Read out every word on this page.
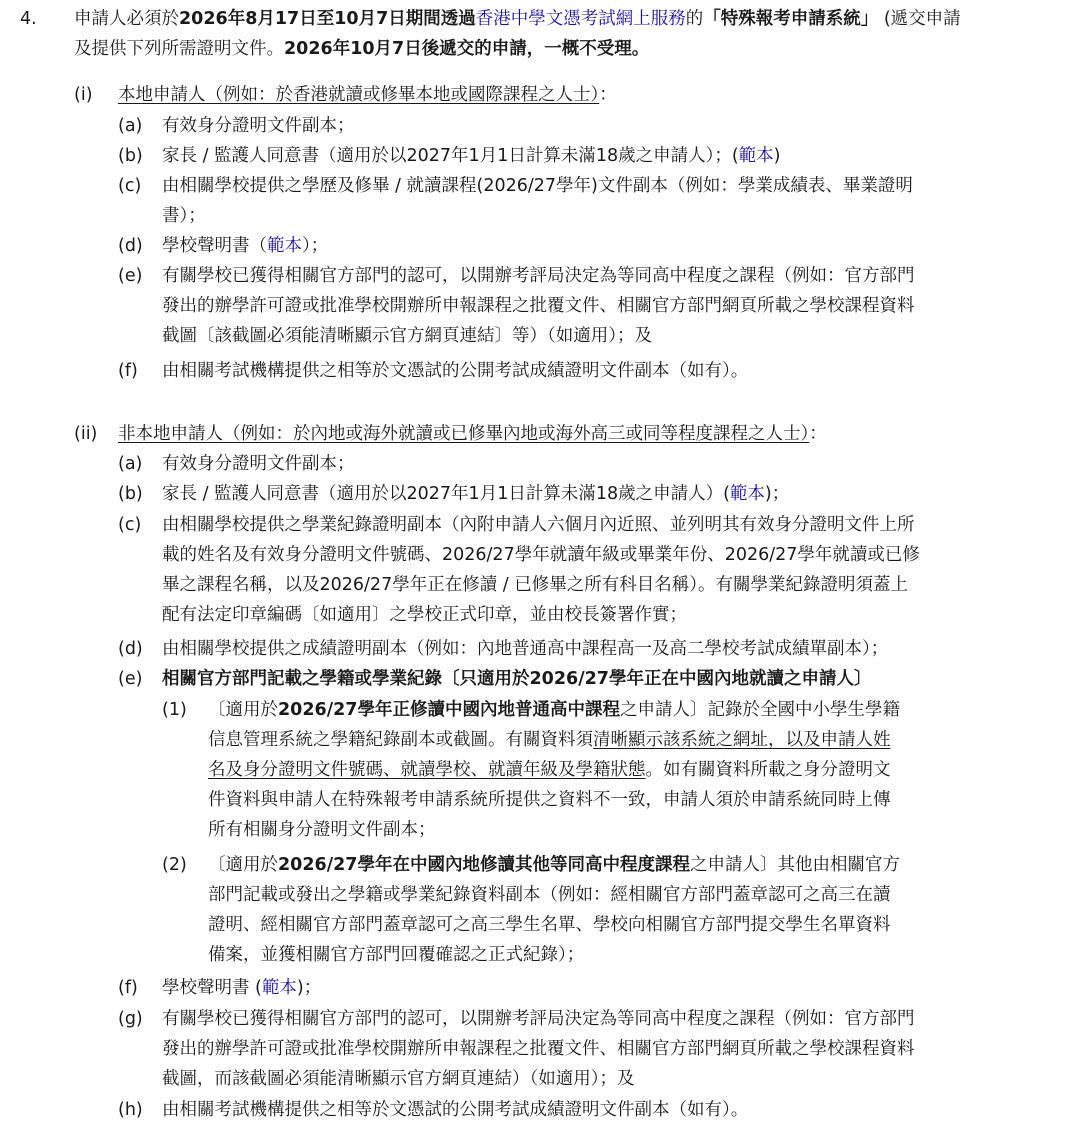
4. 申請人必須於2026年8月17日至10月7日期間透過香港中學文憑考試網上服務的「特殊報考申請系統」 (遞交申請
及提供下列所需證明文件。2026年10月7日後遞交的申請，一概不受理。
(i) 本地申請人（例如：於香港就讀或修畢本地或國際課程之人士）：
(a) 有效身分證明文件副本；
(b) 家長 / 監護人同意書（適用於以2027年1月1日計算未滿18歲之申請人）；(範本)
(c) 由相關學校提供之學歷及修畢 / 就讀課程(2026/27學年)文件副本（例如：學業成績表、畢業證明
書）；
(d) 學校聲明書（範本）；
(e) 有關學校已獲得相關官方部門的認可，以開辦考評局決定為等同高中程度之課程（例如：官方部門
發出的辦學許可證或批准學校開辦所申報課程之批覆文件、相關官方部門網頁所載之學校課程資料
截圖〔該截圖必須能清晰顯示官方網頁連結〕等）（如適用）；及
(f) 由相關考試機構提供之相等於文憑試的公開考試成績證明文件副本（如有）。
(ii) 非本地申請人（例如：於內地或海外就讀或已修畢內地或海外高三或同等程度課程之人士）：
(a) 有效身分證明文件副本；
(b) 家長 / 監護人同意書（適用於以2027年1月1日計算未滿18歲之申請人）(範本)；
(c) 由相關學校提供之學業紀錄證明副本（內附申請人六個月內近照、並列明其有效身分證明文件上所
載的姓名及有效身分證明文件號碼、2026/27學年就讀年級或畢業年份、2026/27學年就讀或已修
畢之課程名稱，以及2026/27學年正在修讀 / 已修畢之所有科目名稱）。有關學業紀錄證明須蓋上
配有法定印章編碼〔如適用〕之學校正式印章，並由校長簽署作實；
(d) 由相關學校提供之成績證明副本（例如：內地普通高中課程高一及高二學校考試成績單副本）；
(e) 相關官方部門記載之學籍或學業紀錄〔只適用於2026/27學年正在中國內地就讀之申請人〕
(1) 〔適用於2026/27學年正修讀中國內地普通高中課程之申請人〕記錄於全國中小學生學籍
信息管理系統之學籍紀錄副本或截圖。有關資料須清晰顯示該系統之網址，以及申請人姓
名及身分證明文件號碼、就讀學校、就讀年級及學籍狀態。如有關資料所載之身分證明文
件資料與申請人在特殊報考申請系統所提供之資料不一致，申請人須於申請系統同時上傳
所有相關身分證明文件副本；
(2) 〔適用於2026/27學年在中國內地修讀其他等同高中程度課程之申請人〕其他由相關官方
部門記載或發出之學籍或學業紀錄資料副本（例如：經相關官方部門蓋章認可之高三在讀
證明、經相關官方部門蓋章認可之高三學生名單、學校向相關官方部門提交學生名單資料
備案，並獲相關官方部門回覆確認之正式紀錄）；
(f) 學校聲明書 (範本)；
(g) 有關學校已獲得相關官方部門的認可，以開辦考評局決定為等同高中程度之課程（例如：官方部門
發出的辦學許可證或批准學校開辦所申報課程之批覆文件、相關官方部門網頁所載之學校課程資料
截圖，而該截圖必須能清晰顯示官方網頁連結）（如適用）；及
(h) 由相關考試機構提供之相等於文憑試的公開考試成績證明文件副本（如有）。
